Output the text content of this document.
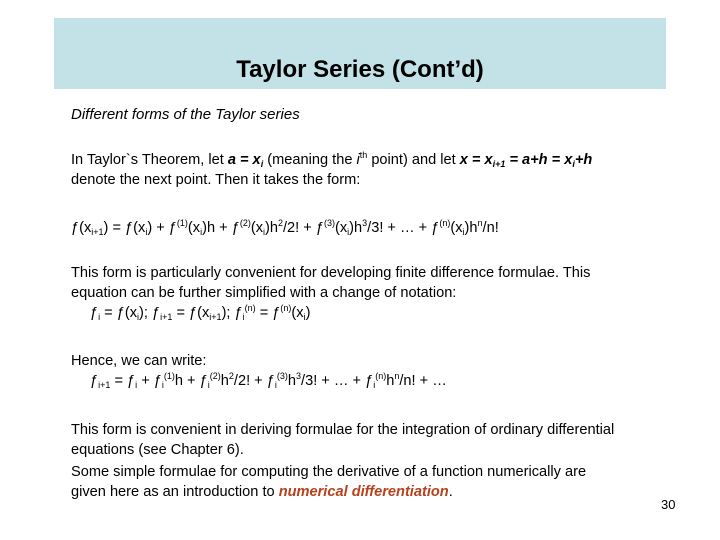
Taylor Series (Cont’d)
Different forms of the Taylor series
In Taylor`s Theorem, let $a = x_i$ (meaning the $i^{th}$ point) and let $x = x_{i+1} = a+h = x_i+h$
denote the next point. Then it takes the form:
$ƒ(x_{i+1})$ = $ƒ(x_i)$ + $ƒ^{(1)}(x_i)h$ + $ƒ^{(2)}(x_i)h^2/2$! + $ƒ^{(3)}(x_i)h^3/3$! + … + $ƒ^{(n)}(x_i)h^n/n$!
This form is particularly convenient for developing finite difference formulae. This
equation can be further simplified with a change of notation:
$ƒ_i$ = $ƒ(x_i)$; $ƒ_{i+1}$ = $ƒ(x_{i+1})$; $ƒ_i^{(n)}$ = $ƒ^{(n)}(x_i)$
Hence, we can write:
$ƒ_{i+1}$ = $ƒ_i$ + $ƒ_i^{(1)}h$ + $ƒ_i^{(2)}h^2/2$! + $ƒ_i^{(3)}h^3/3$! + … + $ƒ_i^{(n)}h^n/n$! + …
This form is convenient in deriving formulae for the integration of ordinary differential
equations (see Chapter 6).
Some simple formulae for computing the derivative of a function numerically are
given here as an introduction to numerical differentiation.
30
